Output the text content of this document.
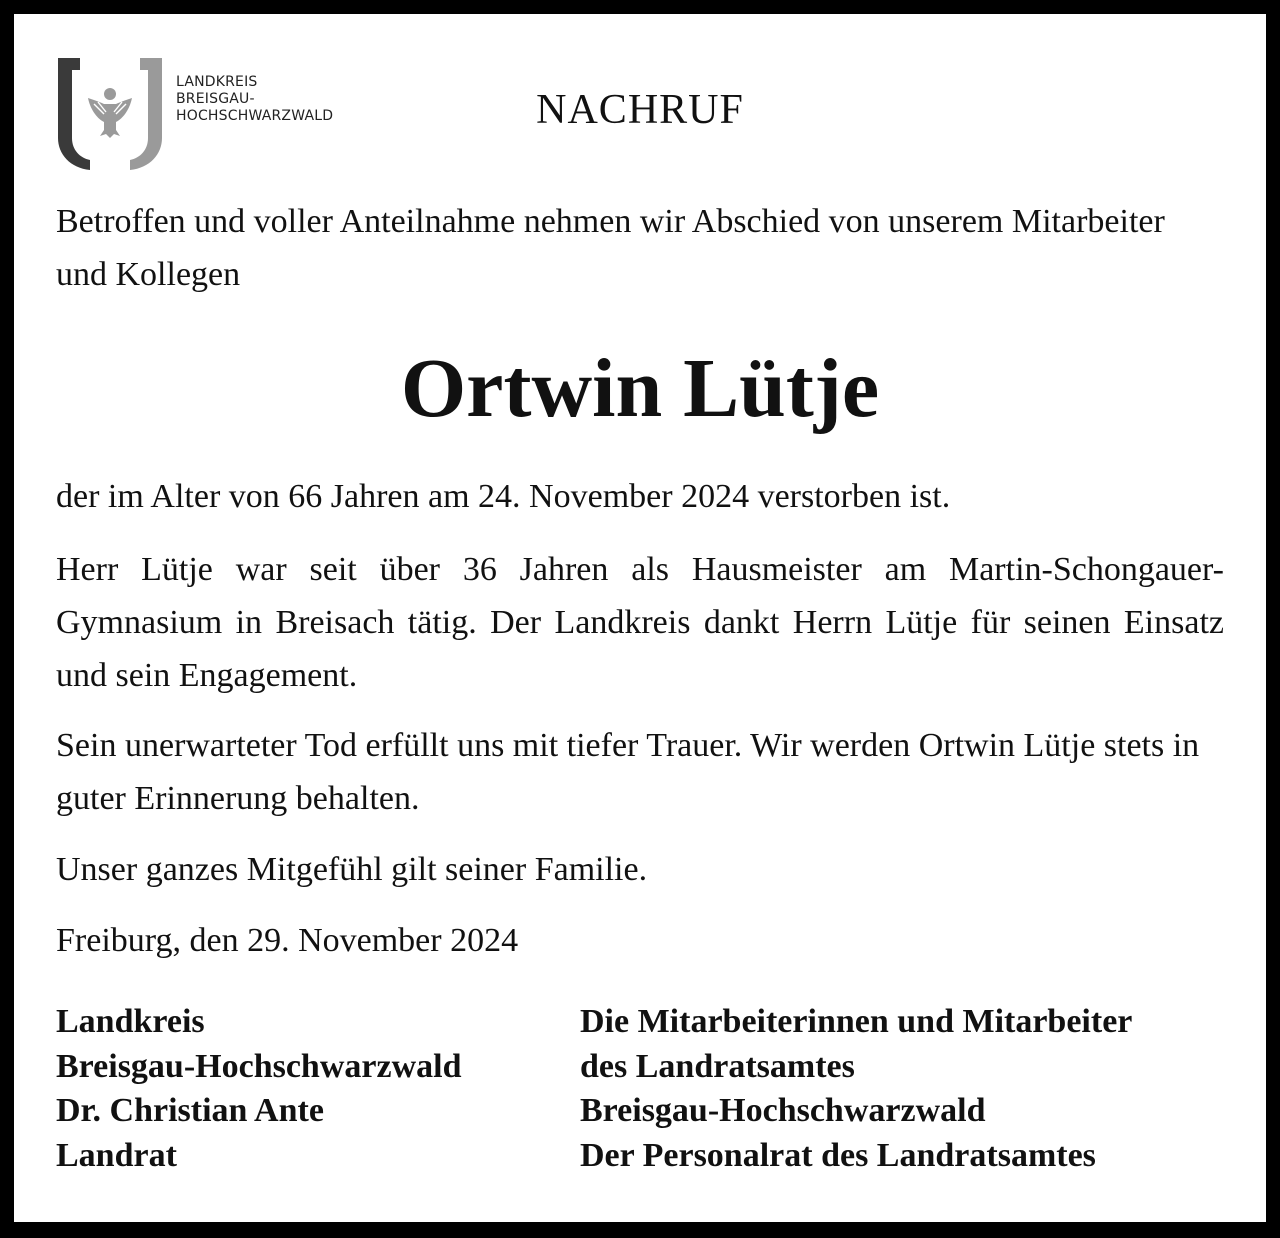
LANDKREIS
BREISGAU-
HOCHSCHWARZWALD	NACHRUF
Betroffen und voller Anteilnahme nehmen wir Abschied von unserem Mitarbeiter und Kollegen
Ortwin Lütje
der im Alter von 66 Jahren am 24. November 2024 verstorben ist.
Herr Lütje war seit über 36 Jahren als Hausmeister am Martin-Schongauer-Gymnasium in Breisach tätig. Der Landkreis dankt Herrn Lütje für seinen Einsatz und sein Engagement.
Sein unerwarteter Tod erfüllt uns mit tiefer Trauer. Wir werden Ortwin Lütje stets in guter Erinnerung behalten.
Unser ganzes Mitgefühl gilt seiner Familie.
Freiburg, den 29. November 2024
Landkreis
Breisgau-Hochschwarzwald
Dr. Christian Ante
Landrat
Die Mitarbeiterinnen und Mitarbeiter
des Landratsamtes
Breisgau-Hochschwarzwald
Der Personalrat des Landratsamtes
